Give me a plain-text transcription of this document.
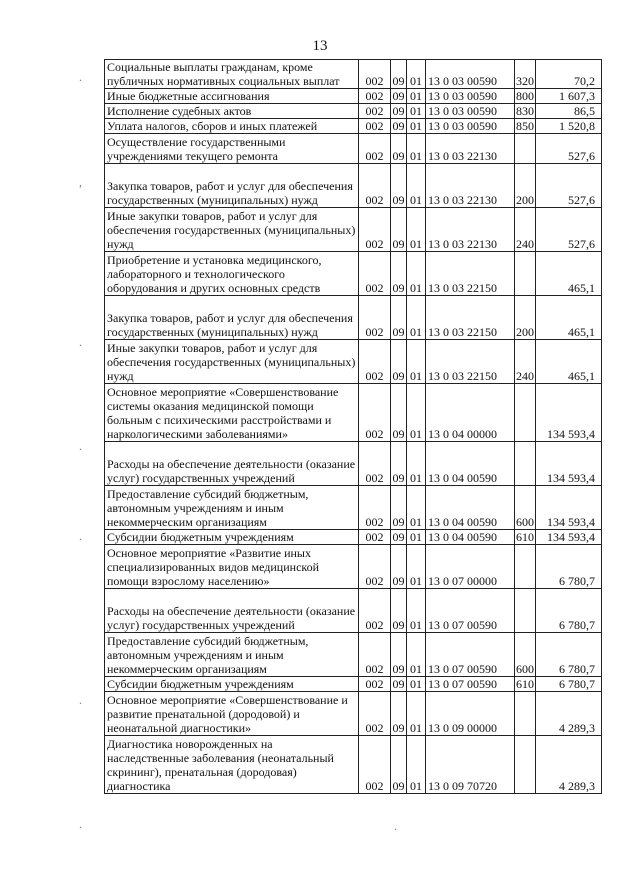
13
Социальные выплаты гражданам, кроме публичных нормативных социальных выплат	002	09	01	13 0 03 00590	320	70,2
Иные бюджетные ассигнования	002	09	01	13 0 03 00590	800	1 607,3
Исполнение судебных актов	002	09	01	13 0 03 00590	830	86,5
Уплата налогов, сборов и иных платежей	002	09	01	13 0 03 00590	850	1 520,8
Осуществление государственными учреждениями текущего ремонта	002	09	01	13 0 03 22130		527,6
Закупка товаров, работ и услуг для обеспечения государственных (муниципальных) нужд	002	09	01	13 0 03 22130	200	527,6
Иные закупки товаров, работ и услуг для обеспечения государственных (муниципальных) нужд	002	09	01	13 0 03 22130	240	527,6
Приобретение и установка медицинского, лабораторного и технологического оборудования и других основных средств	002	09	01	13 0 03 22150		465,1
Закупка товаров, работ и услуг для обеспечения государственных (муниципальных) нужд	002	09	01	13 0 03 22150	200	465,1
Иные закупки товаров, работ и услуг для обеспечения государственных (муниципальных) нужд	002	09	01	13 0 03 22150	240	465,1
Основное мероприятие «Совершенствование системы оказания медицинской помощи больным с психическими расстройствами и наркологическими заболеваниями»	002	09	01	13 0 04 00000		134 593,4
Расходы на обеспечение деятельности (оказание услуг) государственных учреждений	002	09	01	13 0 04 00590		134 593,4
Предоставление субсидий бюджетным, автономным учреждениям и иным некоммерческим организациям	002	09	01	13 0 04 00590	600	134 593,4
Субсидии бюджетным учреждениям	002	09	01	13 0 04 00590	610	134 593,4
Основное мероприятие «Развитие иных специализированных видов медицинской помощи взрослому населению»	002	09	01	13 0 07 00000		6 780,7
Расходы на обеспечение деятельности (оказание услуг) государственных учреждений	002	09	01	13 0 07 00590		6 780,7
Предоставление субсидий бюджетным, автономным учреждениям и иным некоммерческим организациям	002	09	01	13 0 07 00590	600	6 780,7
Субсидии бюджетным учреждениям	002	09	01	13 0 07 00590	610	6 780,7
Основное мероприятие «Совершенствование и развитие пренатальной (дородовой) и неонатальной диагностики»	002	09	01	13 0 09 00000		4 289,3
Диагностика новорожденных на наследственные заболевания (неонатальный скрининг), пренатальная (дородовая) диагностика	002	09	01	13 0 09 70720		4 289,3
.
,
.
.
.
.
.	.
